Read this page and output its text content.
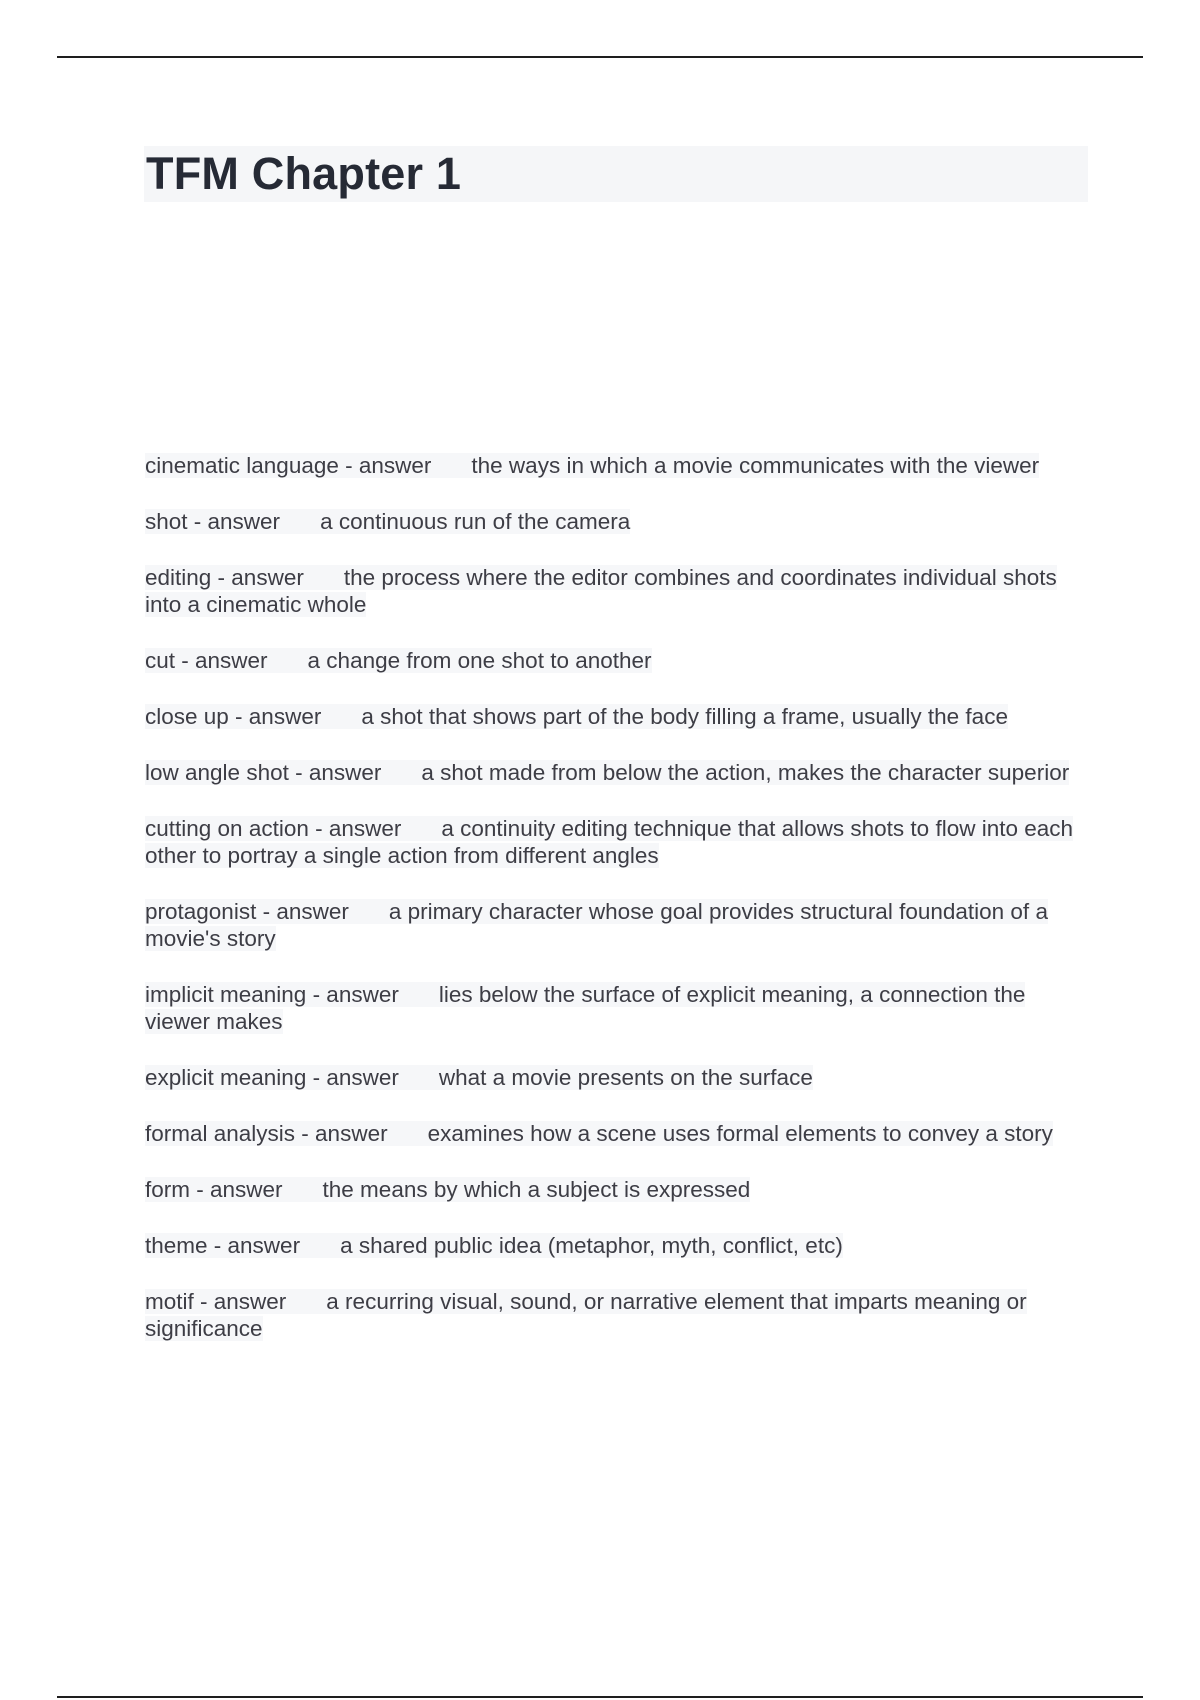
TFM Chapter 1
cinematic language - answer the ways in which a movie communicates with the viewer
shot - answer a continuous run of the camera
editing - answer the process where the editor combines and coordinates individual shots into a cinematic whole
cut - answer a change from one shot to another
close up - answer a shot that shows part of the body filling a frame, usually the face
low angle shot - answer a shot made from below the action, makes the character superior
cutting on action - answer a continuity editing technique that allows shots to flow into each other to portray a single action from different angles
protagonist - answer a primary character whose goal provides structural foundation of a movie's story
implicit meaning - answer lies below the surface of explicit meaning, a connection the viewer makes
explicit meaning - answer what a movie presents on the surface
formal analysis - answer examines how a scene uses formal elements to convey a story
form - answer the means by which a subject is expressed
theme - answer a shared public idea (metaphor, myth, conflict, etc)
motif - answer a recurring visual, sound, or narrative element that imparts meaning or significance
